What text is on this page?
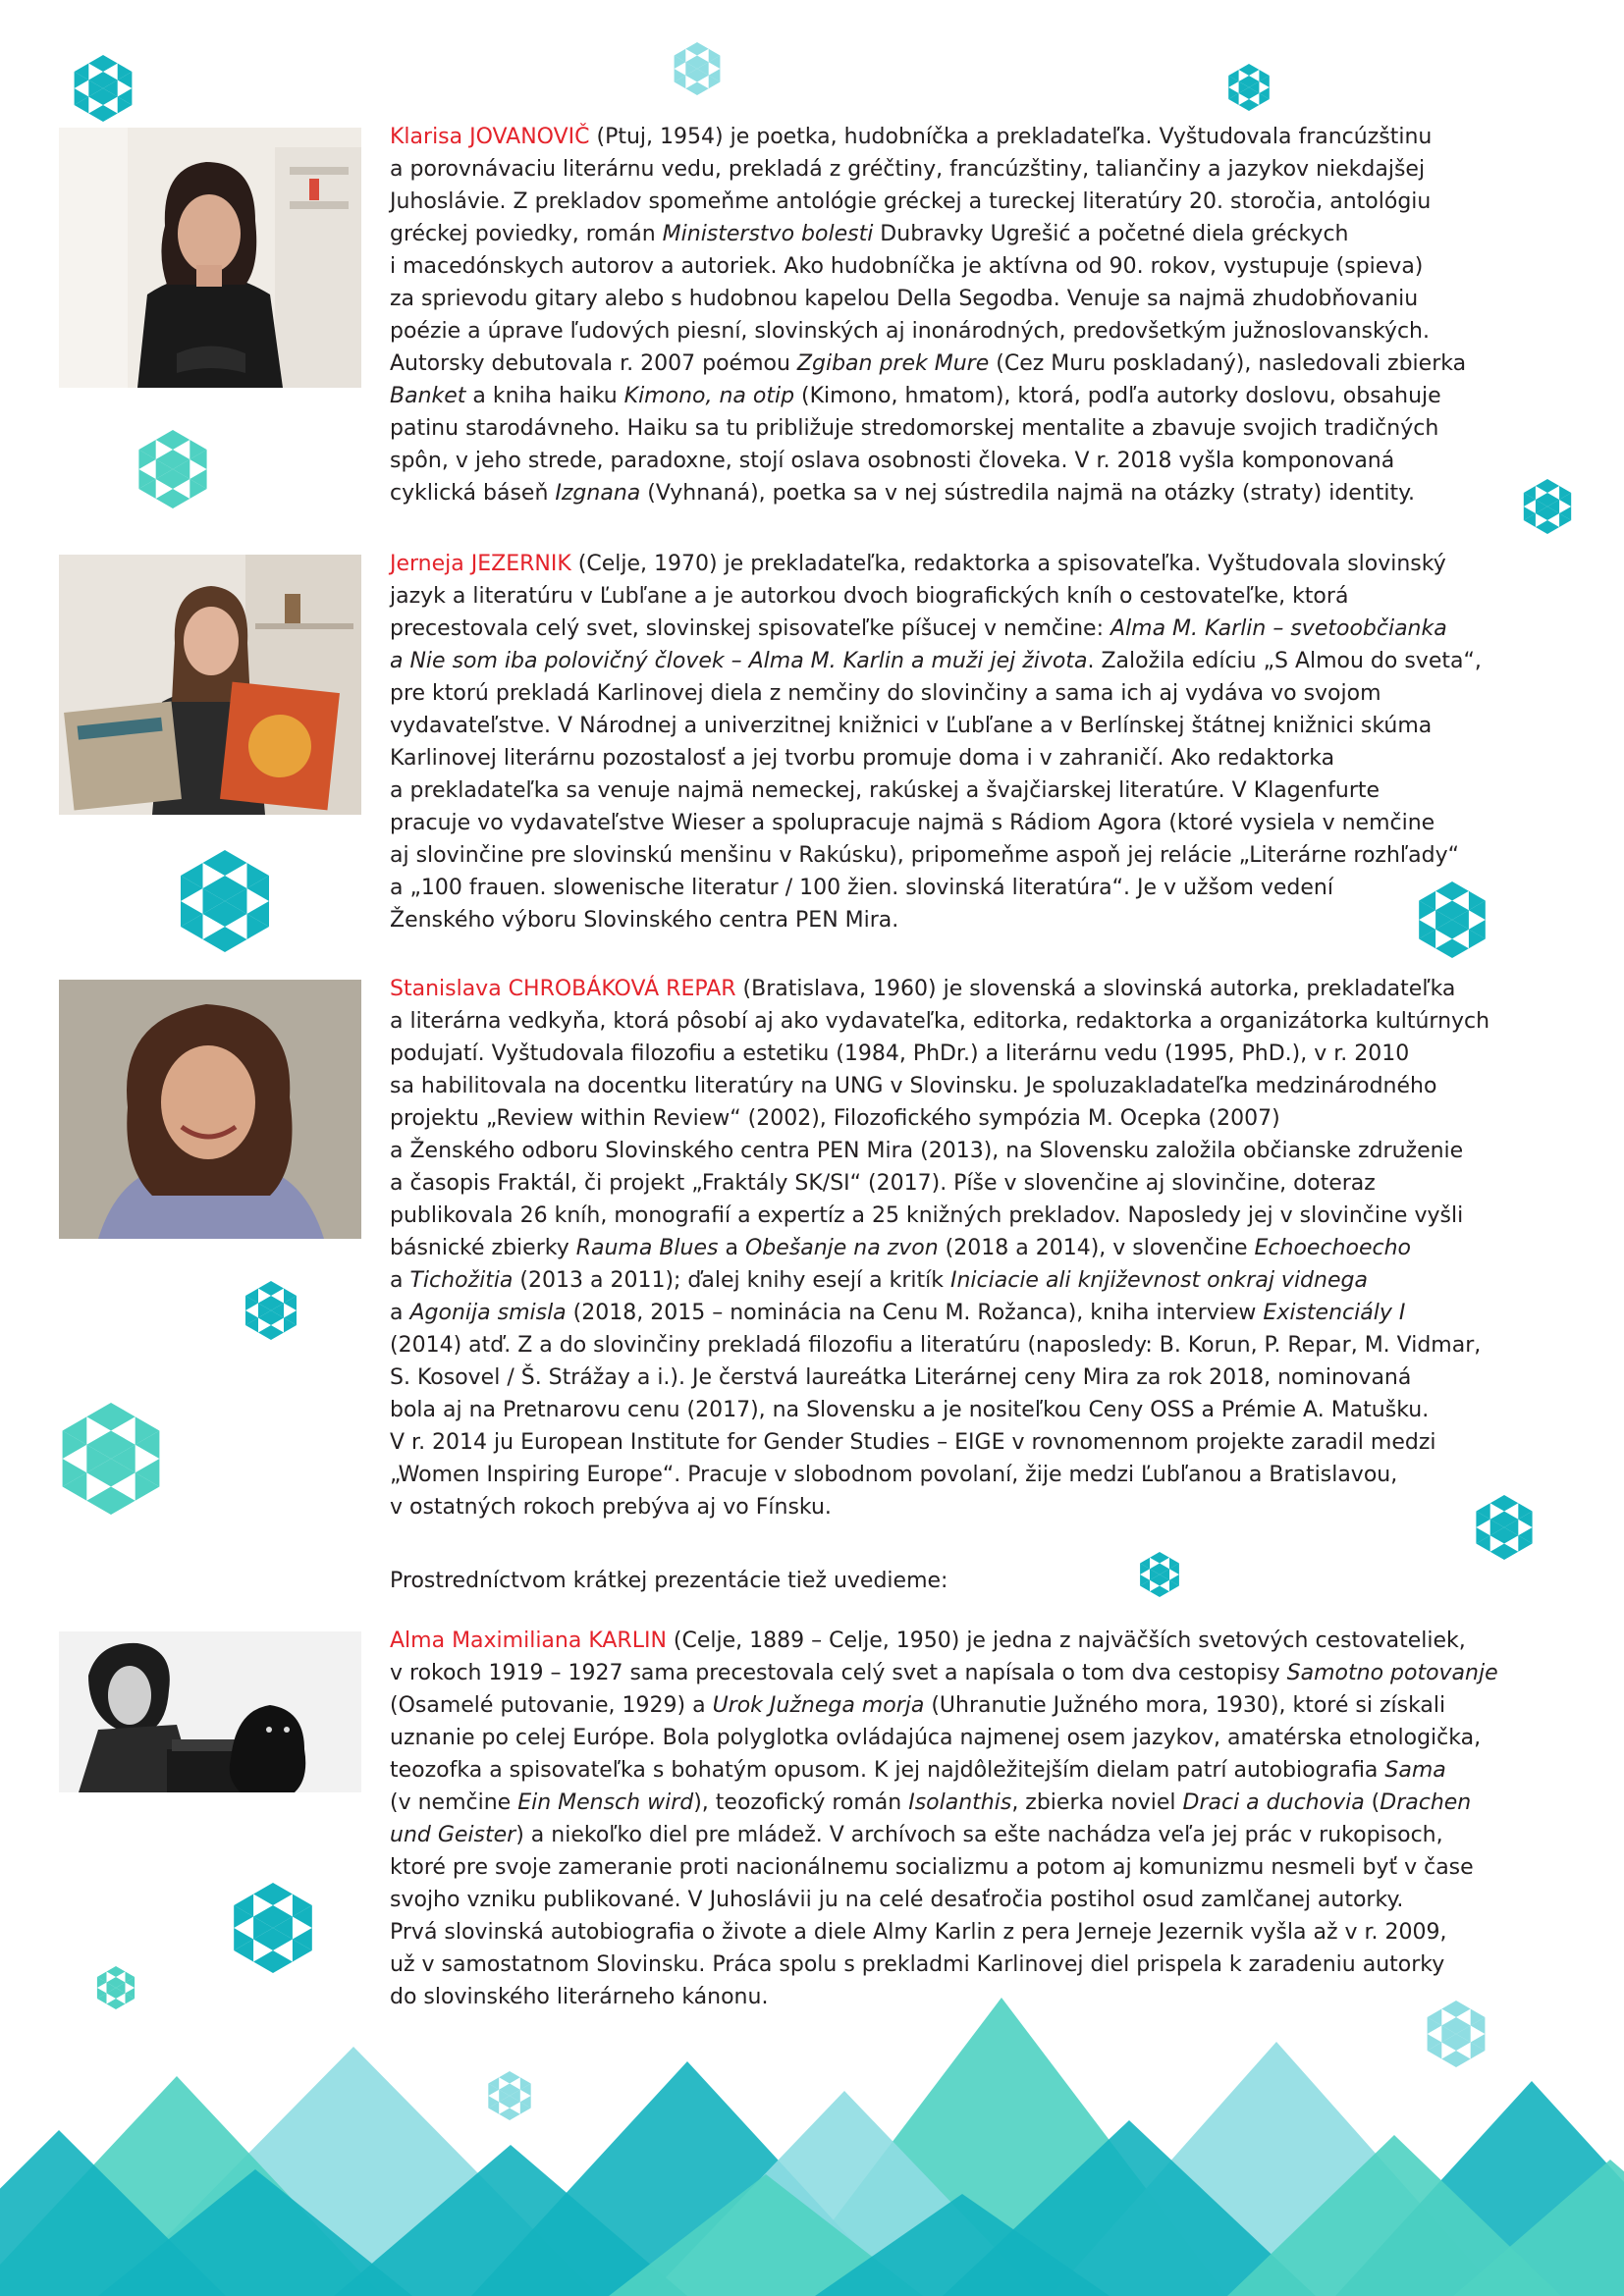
Klarisa JOVANOVIČ (Ptuj, 1954) je poetka, hudobníčka a prekladateľka. Vyštudovala francúzštinu
a porovnávaciu literárnu vedu, prekladá z gréčtiny, francúzštiny, taliančiny a jazykov niekdajšej
Juhoslávie. Z prekladov spomeňme antológie gréckej a tureckej literatúry 20. storočia, antológiu
gréckej poviedky, román Ministerstvo bolesti Dubravky Ugrešić a početné diela gréckych
i macedónskych autorov a autoriek. Ako hudobníčka je aktívna od 90. rokov, vystupuje (spieva)
za sprievodu gitary alebo s hudobnou kapelou Della Segodba. Venuje sa najmä zhudobňovaniu
poézie a úprave ľudových piesní, slovinských aj inonárodných, predovšetkým južnoslovanských.
Autorsky debutovala r. 2007 poémou Zgiban prek Mure (Cez Muru poskladaný), nasledovali zbierka
Banket a kniha haiku Kimono, na otip (Kimono, hmatom), ktorá, podľa autorky doslovu, obsahuje
patinu starodávneho. Haiku sa tu približuje stredomorskej mentalite a zbavuje svojich tradičných
spôn, v jeho strede, paradoxne, stojí oslava osobnosti človeka. V r. 2018 vyšla komponovaná
cyklická báseň Izgnana (Vyhnaná), poetka sa v nej sústredila najmä na otázky (straty) identity.
Jerneja JEZERNIK (Celje, 1970) je prekladateľka, redaktorka a spisovateľka. Vyštudovala slovinský
jazyk a literatúru v Ľubľane a je autorkou dvoch biografických kníh o cestovateľke, ktorá
precestovala celý svet, slovinskej spisovateľke píšucej v nemčine: Alma M. Karlin – svetoobčianka
a Nie som iba polovičný človek – Alma M. Karlin a muži jej života. Založila edíciu „S Almou do sveta“,
pre ktorú prekladá Karlinovej diela z nemčiny do slovinčiny a sama ich aj vydáva vo svojom
vydavateľstve. V Národnej a univerzitnej knižnici v Ľubľane a v Berlínskej štátnej knižnici skúma
Karlinovej literárnu pozostalosť a jej tvorbu promuje doma i v zahraničí. Ako redaktorka
a prekladateľka sa venuje najmä nemeckej, rakúskej a švajčiarskej literatúre. V Klagenfurte
pracuje vo vydavateľstve Wieser a spolupracuje najmä s Rádiom Agora (ktoré vysiela v nemčine
aj slovinčine pre slovinskú menšinu v Rakúsku), pripomeňme aspoň jej relácie „Literárne rozhľady“
a „100 frauen. slowenische literatur / 100 žien. slovinská literatúra“. Je v užšom vedení
Ženského výboru Slovinského centra PEN Mira.
Stanislava CHROBÁKOVÁ REPAR (Bratislava, 1960) je slovenská a slovinská autorka, prekladateľka
a literárna vedkyňa, ktorá pôsobí aj ako vydavateľka, editorka, redaktorka a organizátorka kultúrnych
podujatí. Vyštudovala filozofiu a estetiku (1984, PhDr.) a literárnu vedu (1995, PhD.), v r. 2010
sa habilitovala na docentku literatúry na UNG v Slovinsku. Je spoluzakladateľka medzinárodného
projektu „Review within Review“ (2002), Filozofického sympózia M. Ocepka (2007)
a Ženského odboru Slovinského centra PEN Mira (2013), na Slovensku založila občianske združenie
a časopis Fraktál, či projekt „Fraktály SK/SI“ (2017). Píše v slovenčine aj slovinčine, doteraz
publikovala 26 kníh, monografií a expertíz a 25 knižných prekladov. Naposledy jej v slovinčine vyšli
básnické zbierky Rauma Blues a Obešanje na zvon (2018 a 2014), v slovenčine Echoechoecho
a Tichožitia (2013 a 2011); ďalej knihy esejí a kritík Iniciacie ali književnost onkraj vidnega
a Agonija smisla (2018, 2015 – nominácia na Cenu M. Rožanca), kniha interview Existenciály I
(2014) atď. Z a do slovinčiny prekladá filozofiu a literatúru (naposledy: B. Korun, P. Repar, M. Vidmar,
S. Kosovel / Š. Strážay a i.). Je čerstvá laureátka Literárnej ceny Mira za rok 2018, nominovaná
bola aj na Pretnarovu cenu (2017), na Slovensku a je nositeľkou Ceny OSS a Prémie A. Matušku.
V r. 2014 ju European Institute for Gender Studies – EIGE v rovnomennom projekte zaradil medzi
„Women Inspiring Europe“. Pracuje v slobodnom povolaní, žije medzi Ľubľanou a Bratislavou,
v ostatných rokoch prebýva aj vo Fínsku.
Prostredníctvom krátkej prezentácie tiež uvedieme:
Alma Maximiliana KARLIN (Celje, 1889 – Celje, 1950) je jedna z najväčších svetových cestovateliek,
v rokoch 1919 – 1927 sama precestovala celý svet a napísala o tom dva cestopisy Samotno potovanje
(Osamelé putovanie, 1929) a Urok Južnega morja (Uhranutie Južného mora, 1930), ktoré si získali
uznanie po celej Európe. Bola polyglotka ovládajúca najmenej osem jazykov, amatérska etnologička,
teozofka a spisovateľka s bohatým opusom. K jej najdôležitejším dielam patrí autobiografia Sama
(v nemčine Ein Mensch wird), teozofický román Isolanthis, zbierka noviel Draci a duchovia (Drachen
und Geister) a niekoľko diel pre mládež. V archívoch sa ešte nachádza veľa jej prác v rukopisoch,
ktoré pre svoje zameranie proti nacionálnemu socializmu a potom aj komunizmu nesmeli byť v čase
svojho vzniku publikované. V Juhoslávii ju na celé desaťročia postihol osud zamlčanej autorky.
Prvá slovinská autobiografia o živote a diele Almy Karlin z pera Jerneje Jezernik vyšla až v r. 2009,
už v samostatnom Slovinsku. Práca spolu s prekladmi Karlinovej diel prispela k zaradeniu autorky
do slovinského literárneho kánonu.
